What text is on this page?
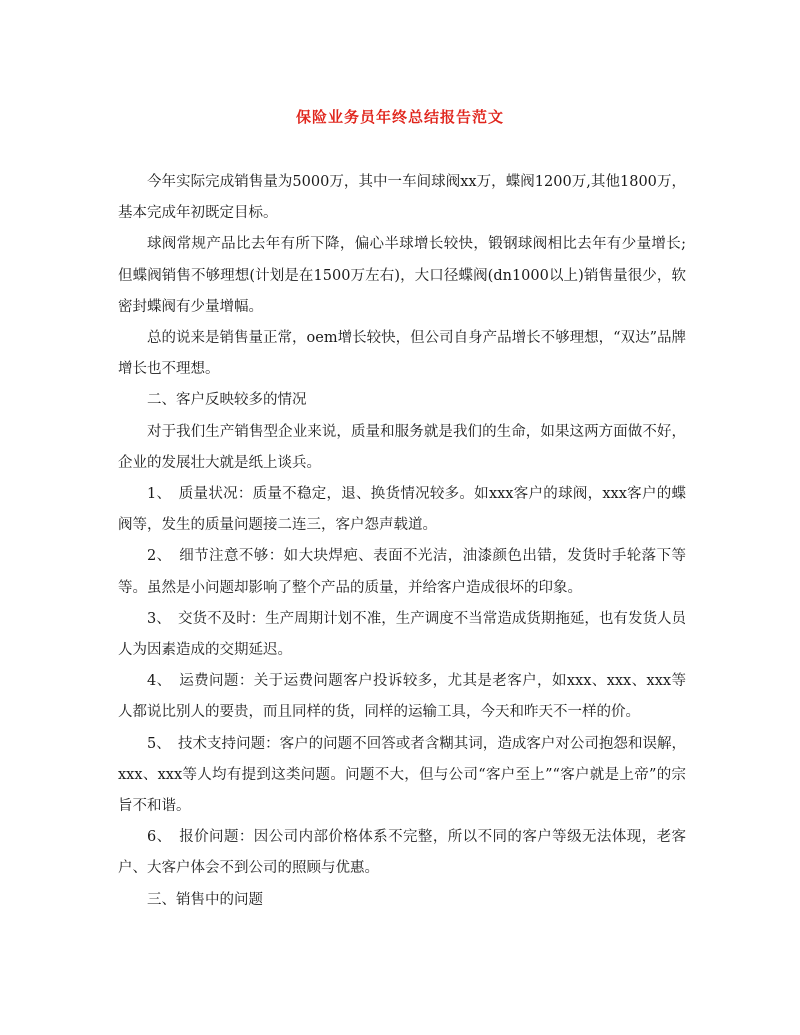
保险业务员年终总结报告范文

今年实际完成销售量为5000万，其中一车间球阀xx万，蝶阀1200万,其他1800万，基本完成年初既定目标。

球阀常规产品比去年有所下降，偏心半球增长较快，锻钢球阀相比去年有少量增长;但蝶阀销售不够理想(计划是在1500万左右)，大口径蝶阀(dn1000以上)销售量很少，软密封蝶阀有少量增幅。

总的说来是销售量正常，oem增长较快，但公司自身产品增长不够理想，“双达”品牌增长也不理想。

二、客户反映较多的情况

对于我们生产销售型企业来说，质量和服务就是我们的生命，如果这两方面做不好，企业的发展壮大就是纸上谈兵。

1、　质量状况：质量不稳定，退、换货情况较多。如xxx客户的球阀，xxx客户的蝶阀等，发生的质量问题接二连三，客户怨声载道。

2、　细节注意不够：如大块焊疤、表面不光洁，油漆颜色出错，发货时手轮落下等等。虽然是小问题却影响了整个产品的质量，并给客户造成很坏的印象。

3、　交货不及时：生产周期计划不准，生产调度不当常造成货期拖延，也有发货人员人为因素造成的交期延迟。

4、　运费问题：关于运费问题客户投诉较多，尤其是老客户，如xxx、xxx、xxx等人都说比别人的要贵，而且同样的货，同样的运输工具，今天和昨天不一样的价。

5、　技术支持问题：客户的问题不回答或者含糊其词，造成客户对公司抱怨和误解，xxx、xxx等人均有提到这类问题。问题不大，但与公司“客户至上”“客户就是上帝”的宗旨不和谐。

6、　报价问题：因公司内部价格体系不完整，所以不同的客户等级无法体现，老客户、大客户体会不到公司的照顾与优惠。

三、销售中的问题
